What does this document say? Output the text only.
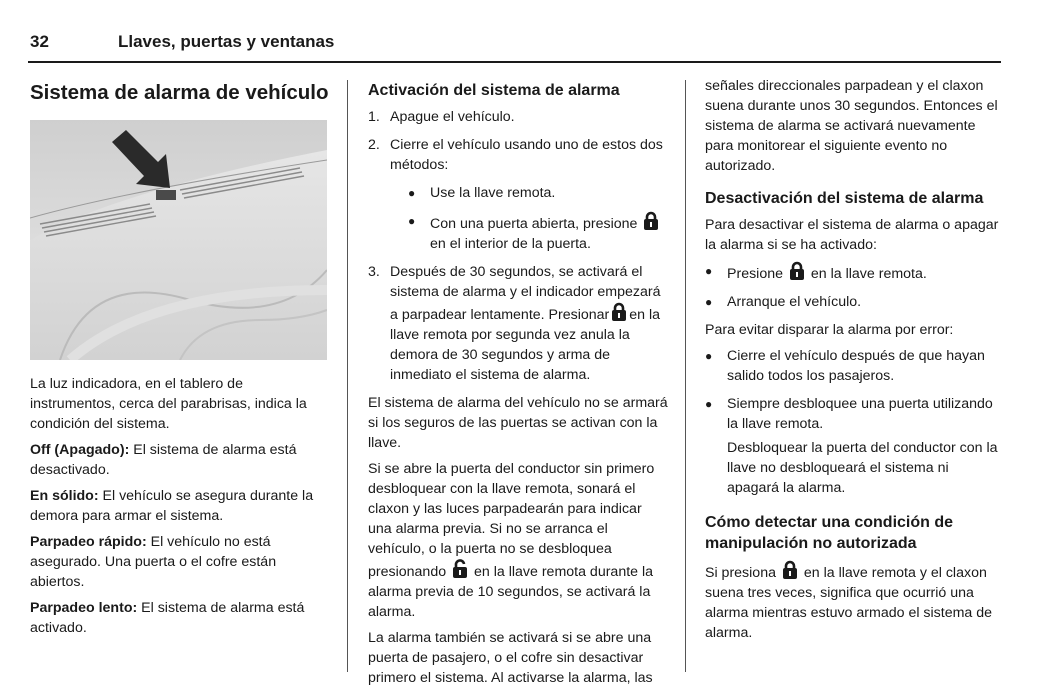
32	Llaves, puertas y ventanas
Sistema de alarma de vehículo

La luz indicadora, en el tablero de instrumentos, cerca del parabrisas, indica la condición del sistema.

Off (Apagado): El sistema de alarma está desactivado.

En sólido: El vehículo se asegura durante la demora para armar el sistema.

Parpadeo rápido: El vehículo no está asegurado. Una puerta o el cofre están abiertos.

Parpadeo lento: El sistema de alarma está activado.

Activación del sistema de alarma
1. Apague el vehículo.
2. Cierre el vehículo usando uno de estos dos métodos:
●	Use la llave remota.
●	Con una puerta abierta, presione  en el interior de la puerta.
3. Después de 30 segundos, se activará el sistema de alarma y el indicador empezará a parpadear lentamente. Presionar en la llave remota por segunda vez anula la demora de 30 segundos y arma de inmediato el sistema de alarma.

El sistema de alarma del vehículo no se armará si los seguros de las puertas se activan con la llave.

Si se abre la puerta del conductor sin primero desbloquear con la llave remota, sonará el claxon y las luces parpadearán para indicar una alarma previa. Si no se arranca el vehículo, o la puerta no se desbloquea presionando en la llave remota durante la alarma previa de 10 segundos, se activará la alarma.

La alarma también se activará si se abre una puerta de pasajero, o el cofre sin desactivar primero el sistema. Al activarse la alarma, las

señales direccionales parpadean y el claxon suena durante unos 30 segundos. Entonces el sistema de alarma se activará nuevamente para monitorear el siguiente evento no autorizado.

Desactivación del sistema de alarma

Para desactivar el sistema de alarma o apagar la alarma si se ha activado:

●	Presione en la llave remota.
●	Arranque el vehículo.

Para evitar disparar la alarma por error:

●	Cierre el vehículo después de que hayan salido todos los pasajeros.
●	Siempre desbloquee una puerta utilizando la llave remota.

Desbloquear la puerta del conductor con la llave no desbloqueará el sistema ni apagará la alarma.

Cómo detectar una condición de manipulación no autorizada

Si presiona en la llave remota y el claxon suena tres veces, significa que ocurrió una alarma mientras estuvo armado el sistema de alarma.
